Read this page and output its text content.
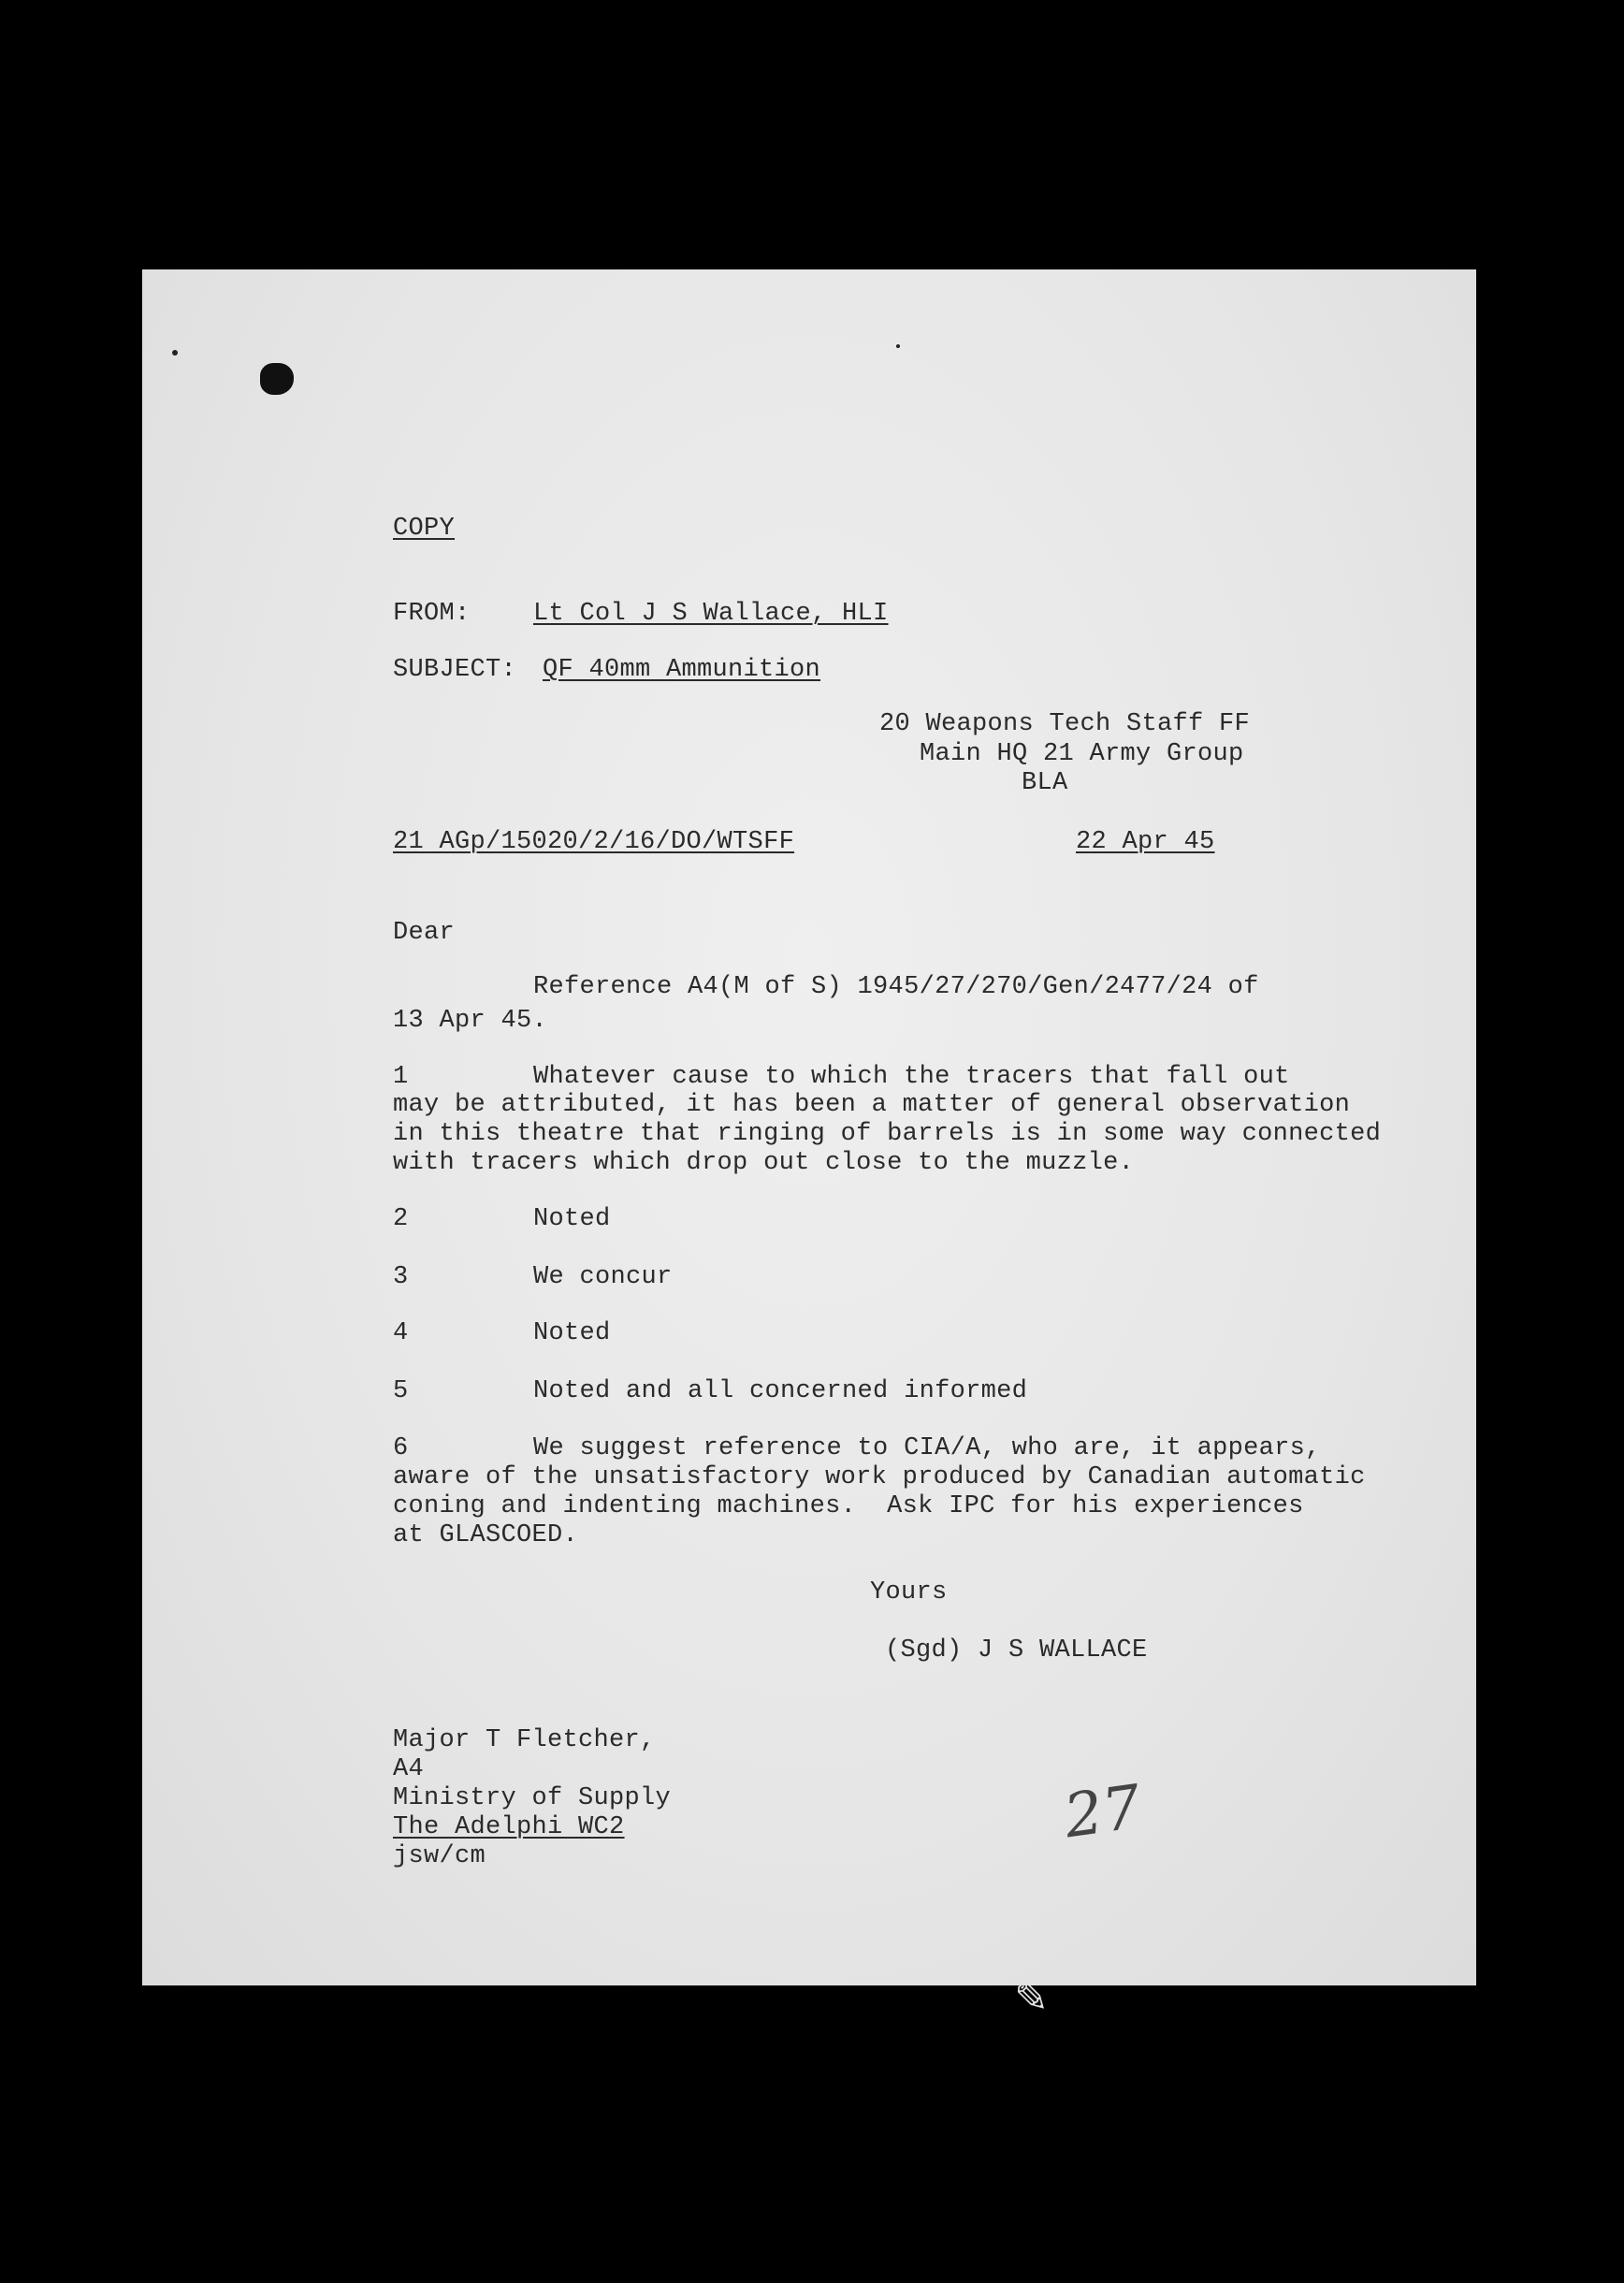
COPY
FROM: Lt Col J S Wallace, HLI
SUBJECT: QF 40mm Ammunition
20 Weapons Tech Staff FF
Main HQ 21 Army Group
BLA
21 AGp/15020/2/16/DO/WTSFF	22 Apr 45
Dear
Reference A4(M of S) 1945/27/270/Gen/2477/24 of
13 Apr 45.
1	Whatever cause to which the tracers that fall out
may be attributed, it has been a matter of general observation
in this theatre that ringing of barrels is in some way connected
with tracers which drop out close to the muzzle.
2	Noted
3	We concur
4	Noted
5	Noted and all concerned informed
6	We suggest reference to CIA/A, who are, it appears,
aware of the unsatisfactory work produced by Canadian automatic
coning and indenting machines.  Ask IPC for his experiences
at GLASCOED.
Yours
(Sgd) J S WALLACE
Major T Fletcher,
A4
Ministry of Supply
The Adelphi WC2
jsw/cm
27
✎
